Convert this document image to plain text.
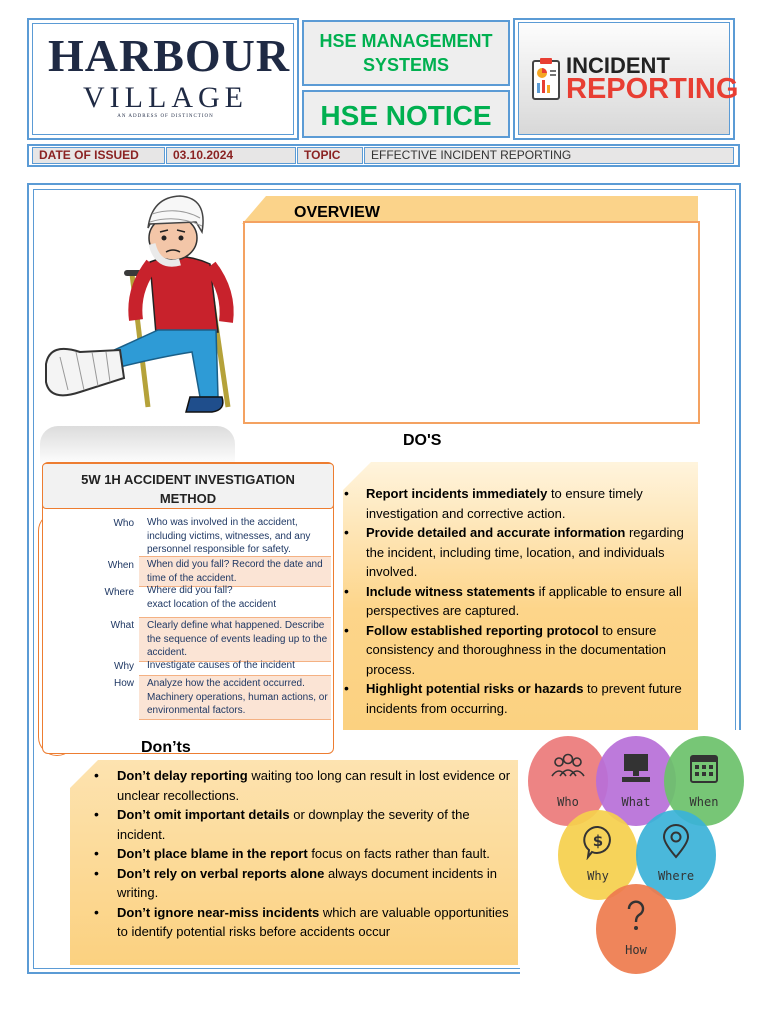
HARBOUR
VILLAGE
AN ADDRESS OF DISTINCTION
HSE MANAGEMENT SYSTEMS
HSE NOTICE
INCIDENT
REPORTING
DATE OF ISSUED	03.10.2024	TOPIC	EFFECTIVE INCIDENT REPORTING
OVERVIEW
DO'S
• Report incidents immediately to ensure timely investigation and corrective action.
• Provide detailed and accurate information regarding the incident, including time, location, and individuals involved.
• Include witness statements if applicable to ensure all perspectives are captured.
• Follow established reporting protocol to ensure consistency and thoroughness in the documentation process.
• Highlight potential risks or hazards to prevent future incidents from occurring.
5W 1H ACCIDENT INVESTIGATION METHOD
Who	Who was involved in the accident, including victims, witnesses, and any personnel responsible for safety.
When	When did you fall? Record the date and time of the accident.
Where	Where did you fall?
exact location of the accident
What	Clearly define what happened. Describe the sequence of events leading up to the accident.
Why	Investigate causes of the incident
How	Analyze how the accident occurred. Machinery operations, human actions, or environmental factors.
Don’ts
• Don’t delay reporting waiting too long can result in lost evidence or unclear recollections.
• Don’t omit important details or downplay the severity of the incident.
• Don’t place blame in the report focus on facts rather than fault.
• Don’t rely on verbal reports alone always document incidents in writing.
• Don’t ignore near-miss incidents which are valuable opportunities to identify potential risks before accidents occur
Who	What	When
$
Why	Where
How
